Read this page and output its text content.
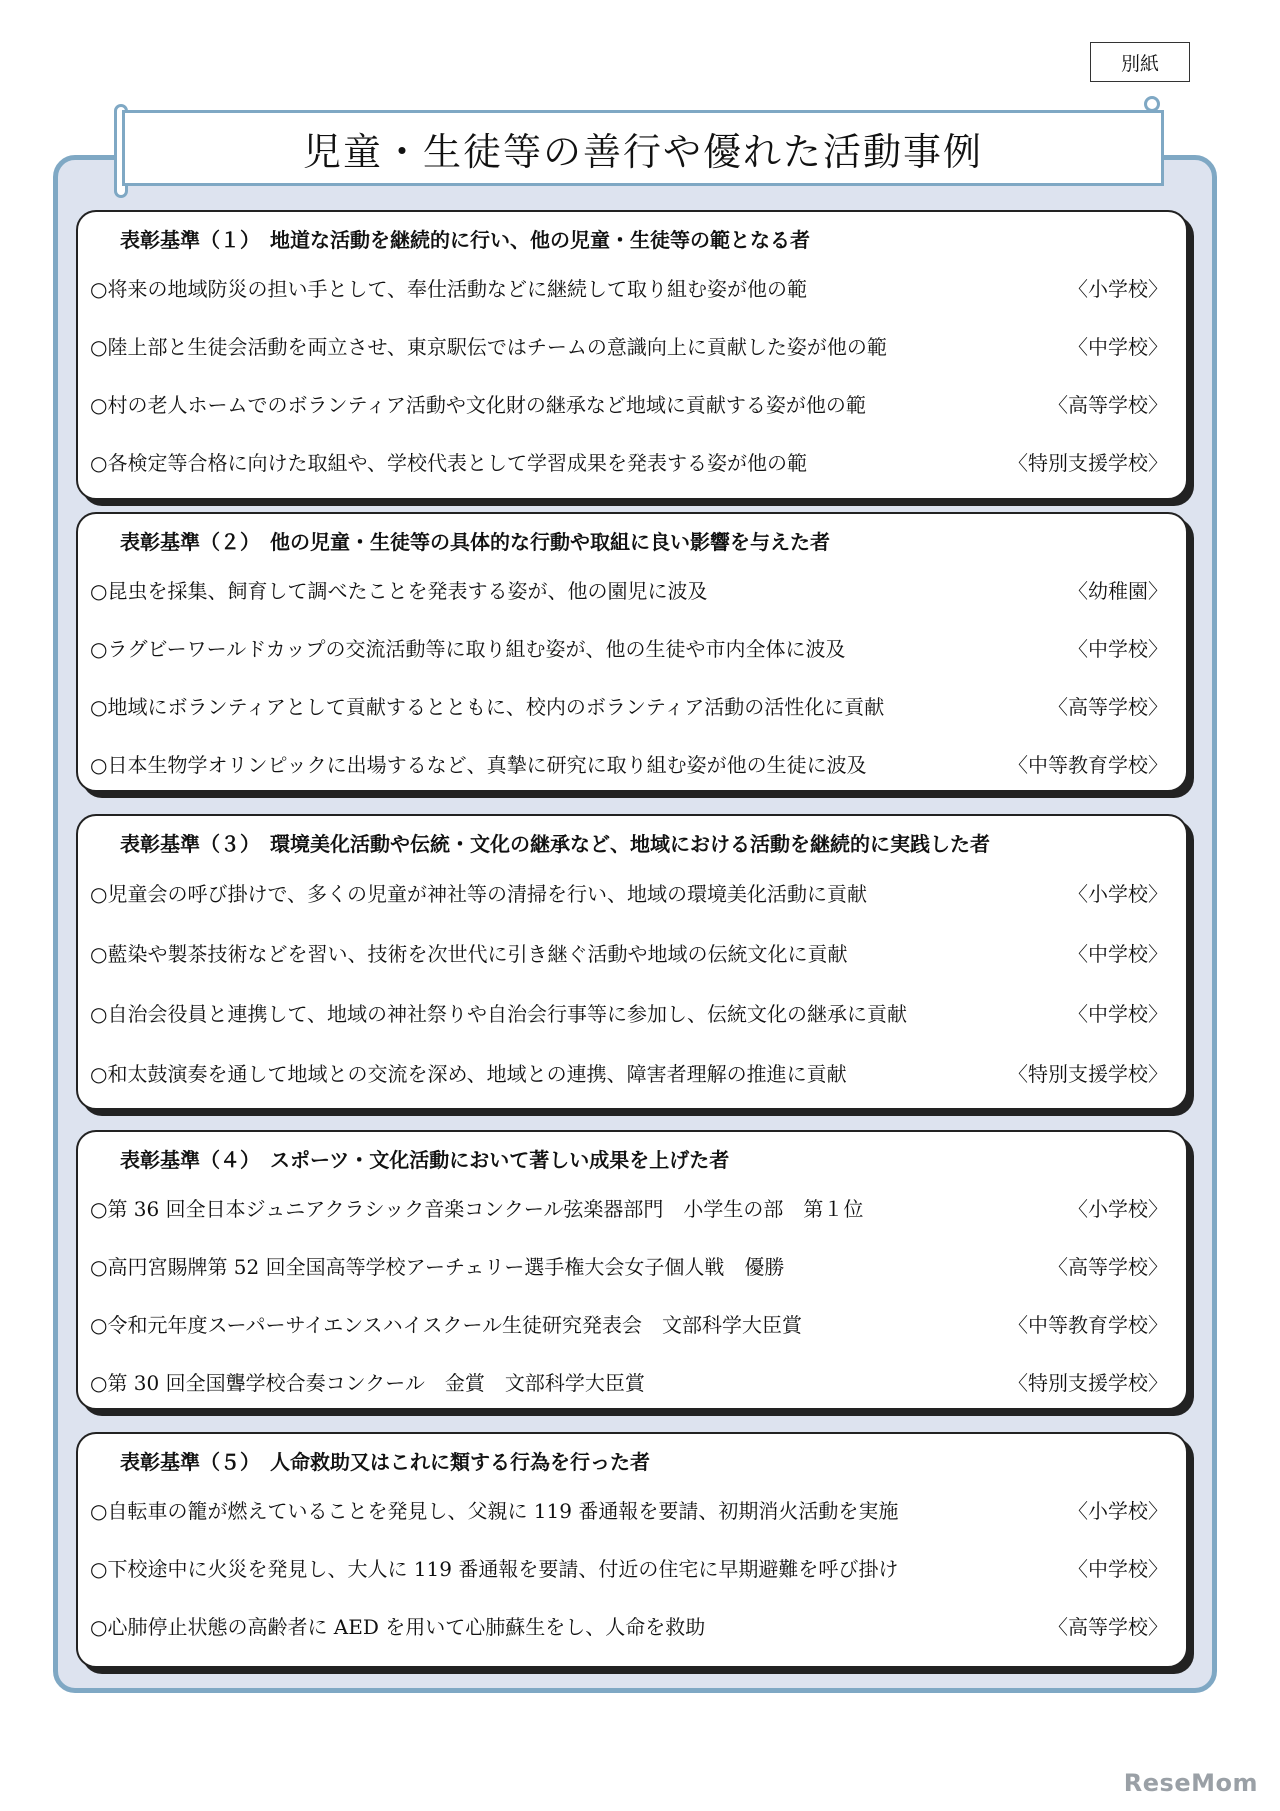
別紙
児童・生徒等の善行や優れた活動事例
表彰基準（１）　地道な活動を継続的に行い、他の児童・生徒等の範となる者
○将来の地域防災の担い手として、奉仕活動などに継続して取り組む姿が他の範	〈小学校〉
○陸上部と生徒会活動を両立させ、東京駅伝ではチームの意識向上に貢献した姿が他の範	〈中学校〉
○村の老人ホームでのボランティア活動や文化財の継承など地域に貢献する姿が他の範	〈高等学校〉
○各検定等合格に向けた取組や、学校代表として学習成果を発表する姿が他の範	〈特別支援学校〉
表彰基準（２）　他の児童・生徒等の具体的な行動や取組に良い影響を与えた者
○昆虫を採集、飼育して調べたことを発表する姿が、他の園児に波及	〈幼稚園〉
○ラグビーワールドカップの交流活動等に取り組む姿が、他の生徒や市内全体に波及	〈中学校〉
○地域にボランティアとして貢献するとともに、校内のボランティア活動の活性化に貢献	〈高等学校〉
○日本生物学オリンピックに出場するなど、真摯に研究に取り組む姿が他の生徒に波及	〈中等教育学校〉
表彰基準（３）　環境美化活動や伝統・文化の継承など、地域における活動を継続的に実践した者
○児童会の呼び掛けで、多くの児童が神社等の清掃を行い、地域の環境美化活動に貢献	〈小学校〉
○藍染や製茶技術などを習い、技術を次世代に引き継ぐ活動や地域の伝統文化に貢献	〈中学校〉
○自治会役員と連携して、地域の神社祭りや自治会行事等に参加し、伝統文化の継承に貢献	〈中学校〉
○和太鼓演奏を通して地域との交流を深め、地域との連携、障害者理解の推進に貢献	〈特別支援学校〉
表彰基準（４）　スポーツ・文化活動において著しい成果を上げた者
○第 36 回全日本ジュニアクラシック音楽コンクール弦楽器部門　小学生の部　第１位	〈小学校〉
○高円宮賜牌第 52 回全国高等学校アーチェリー選手権大会女子個人戦　優勝	〈高等学校〉
○令和元年度スーパーサイエンスハイスクール生徒研究発表会　文部科学大臣賞	〈中等教育学校〉
○第 30 回全国聾学校合奏コンクール　金賞　文部科学大臣賞	〈特別支援学校〉
表彰基準（５）　人命救助又はこれに類する行為を行った者
○自転車の籠が燃えていることを発見し、父親に 119 番通報を要請、初期消火活動を実施	〈小学校〉
○下校途中に火災を発見し、大人に 119 番通報を要請、付近の住宅に早期避難を呼び掛け	〈中学校〉
○心肺停止状態の高齢者に AED を用いて心肺蘇生をし、人命を救助	〈高等学校〉
ReseMom
